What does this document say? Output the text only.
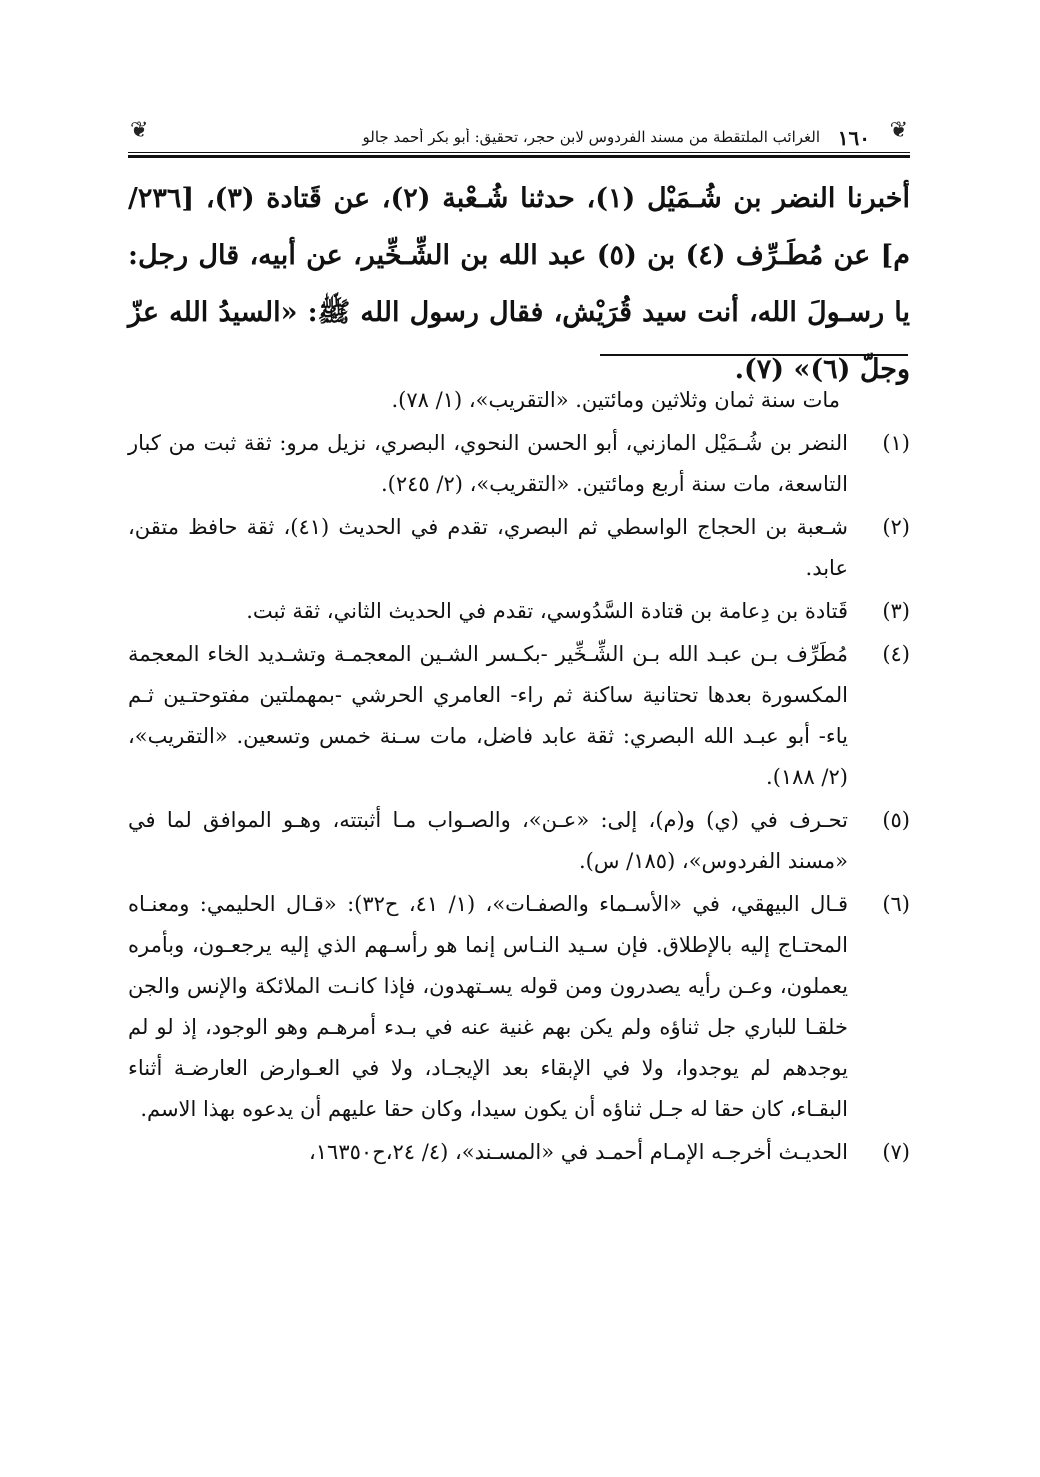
❦	الغرائب الملتقطة من مسند الفردوس لابن حجر، تحقيق: أبو بكر أحمد جالو ١٦٠ ❦

أخبرنا النضر بن شُـمَيْل (١)، حدثنا شُـعْبة (٢)، عن قَتادة (٣)، [٢٣٦/ م] عن مُطَـرِّف (٤) بن (٥) عبد الله بن الشِّـخِّير، عن أبيه، قال رجل: يا رسـولَ الله، أنت سيد قُرَيْش، فقال رسول الله ﷺ: «السيدُ الله عزّ وجلّ (٦)» (٧).

مات سنة ثمان وثلاثين ومائتين. «التقريب»، (١/ ٧٨).
(١)
النضر بن شُـمَيْل المازني، أبو الحسن النحوي، البصري، نزيل مرو: ثقة ثبت من كبار التاسعة، مات سنة أربع ومائتين. «التقريب»، (٢/ ٢٤٥).
(٢)
شـعبة بن الحجاج الواسطي ثم البصري، تقدم في الحديث (٤١)، ثقة حافظ متقن، عابد.
(٣)
قَتادة بن دِعامة بن قتادة السَّدُوسي، تقدم في الحديث الثاني، ثقة ثبت.
(٤)
مُطَرِّف بـن عبـد الله بـن الشِّـخِّير -بكـسر الشـين المعجمـة وتشـديد الخاء المعجمة المكسورة بعدها تحتانية ساكنة ثم راء- العامري الحرشي -بمهملتين مفتوحتـين ثـم ياء- أبو عبـد الله البصري: ثقة عابد فاضل، مات سـنة خمس وتسعين. «التقريب»، (٢/ ١٨٨).
(٥)
تحـرف في (ي) و(م)، إلى: «عـن»، والصـواب مـا أثبتته، وهـو الموافق لما في «مسند الفردوس»، (١٨٥/ س).
(٦)
قـال البيهقي، في «الأسـماء والصفـات»، (١/ ٤١، ح٣٢): «قـال الحليمي: ومعنـاه المحتـاج إليه بالإطلاق. فإن سـيد النـاس إنما هو رأسـهم الذي إليه يرجعـون، وبأمره يعملون، وعـن رأيه يصدرون ومن قوله يسـتهدون، فإذا كانـت الملائكة والإنس والجن خلقـا للباري جل ثناؤه ولم يكن بهم غنية عنه في بـدء أمرهـم وهو الوجود، إذ لو لم يوجدهم لم يوجدوا، ولا في الإبقاء بعد الإيجـاد، ولا في العـوارض العارضـة أثناء البقـاء، كان حقا له جـل ثناؤه أن يكون سيدا، وكان حقا عليهم أن يدعوه بهذا الاسم.
(٧)
الحديـث أخرجـه الإمـام أحمـد في «المسـند»، (٤/ ٢٤،ح١٦٣٥٠،
